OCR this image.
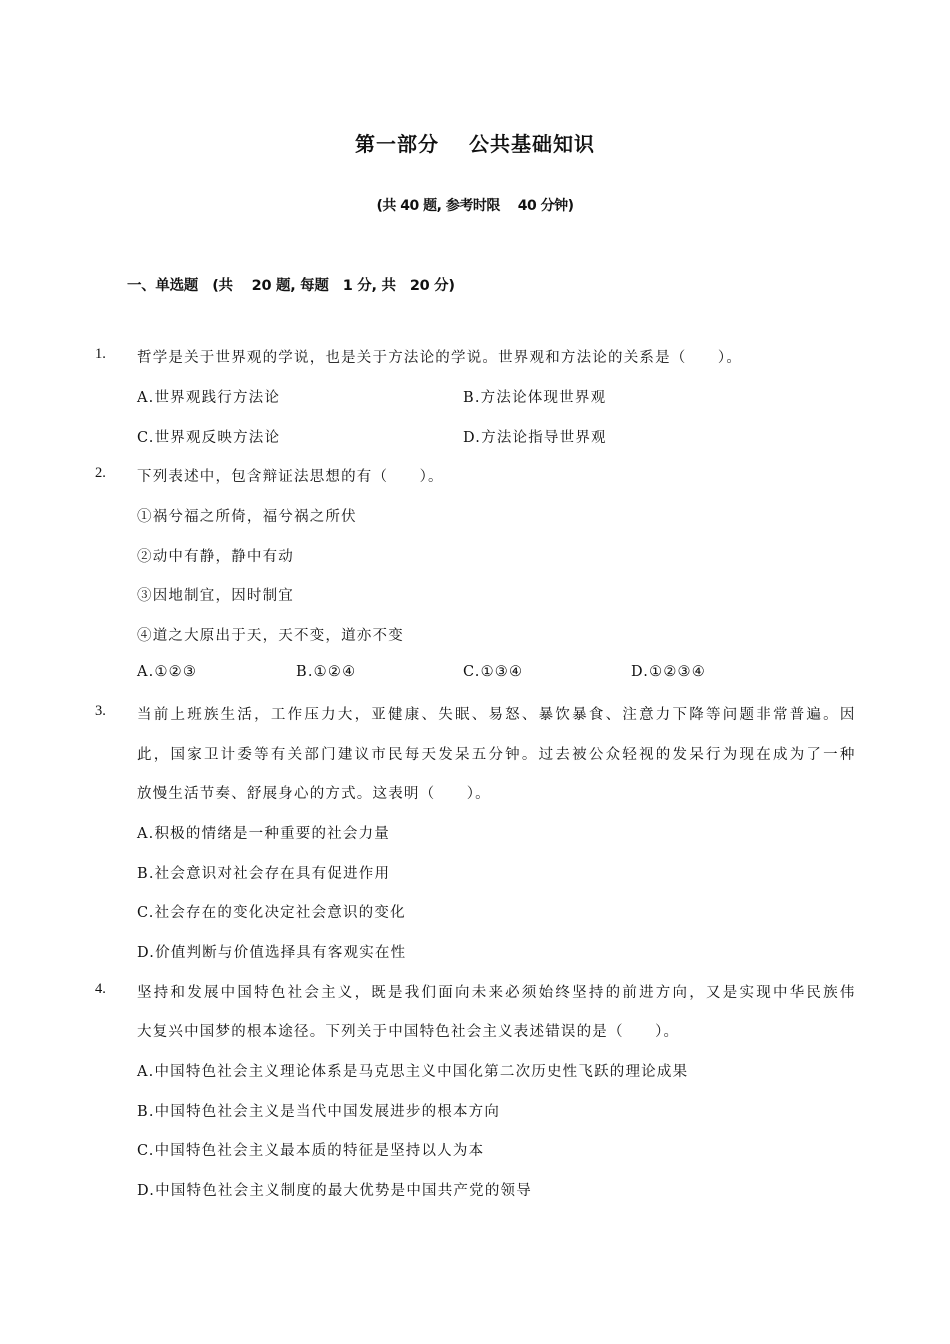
第一部分 公共基础知识
(共 40 题, 参考时限　 40 分钟)
一、单选题　(共　 20 题, 每题　1 分, 共　20 分)
1. 哲学是关于世界观的学说，也是关于方法论的学说。世界观和方法论的关系是（　　）。
A.世界观践行方法论	B.方法论体现世界观
C.世界观反映方法论	D.方法论指导世界观
2. 下列表述中，包含辩证法思想的有（　　）。
①祸兮福之所倚，福兮祸之所伏
②动中有静，静中有动
③因地制宜，因时制宜
④道之大原出于天，天不变，道亦不变
A.①②③	B.①②④	C.①③④	D.①②③④
3. 当前上班族生活，工作压力大，亚健康、失眠、易怒、暴饮暴食、注意力下降等问题非常普遍。因
此，国家卫计委等有关部门建议市民每天发呆五分钟。过去被公众轻视的发呆行为现在成为了一种
放慢生活节奏、舒展身心的方式。这表明（　　）。
A.积极的情绪是一种重要的社会力量
B.社会意识对社会存在具有促进作用
C.社会存在的变化决定社会意识的变化
D.价值判断与价值选择具有客观实在性
4. 坚持和发展中国特色社会主义，既是我们面向未来必须始终坚持的前进方向，又是实现中华民族伟
大复兴中国梦的根本途径。下列关于中国特色社会主义表述错误的是（　　）。
A.中国特色社会主义理论体系是马克思主义中国化第二次历史性飞跃的理论成果
B.中国特色社会主义是当代中国发展进步的根本方向
C.中国特色社会主义最本质的特征是坚持以人为本
D.中国特色社会主义制度的最大优势是中国共产党的领导
